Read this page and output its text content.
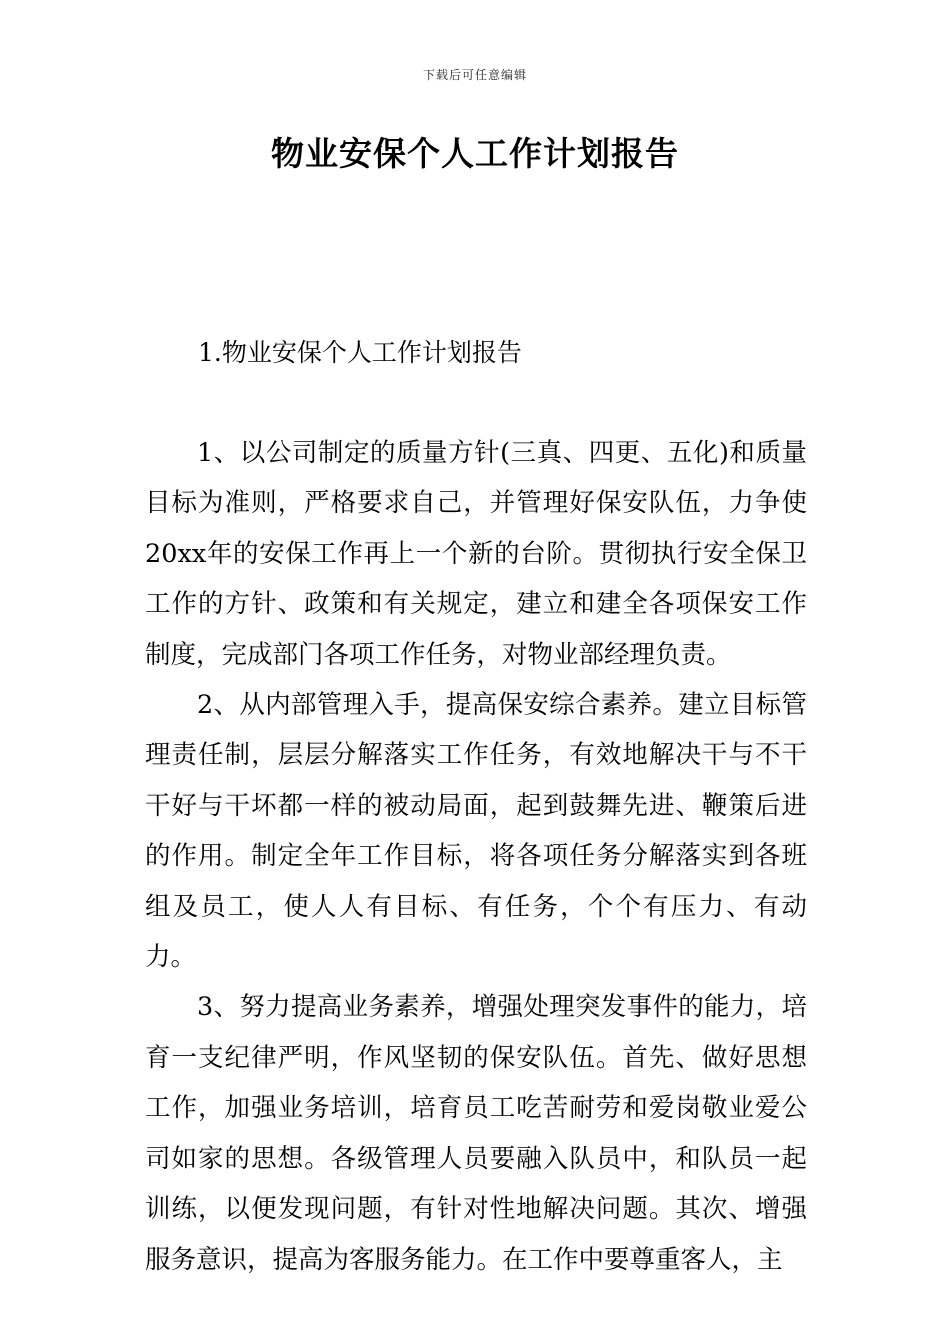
下载后可任意编辑
物业安保个人工作计划报告

1.物业安保个人工作计划报告

1、以公司制定的质量方针(三真、四更、五化)和质量目标为准则，严格要求自己，并管理好保安队伍，力争使20xx年的安保工作再上一个新的台阶。贯彻执行安全保卫工作的方针、政策和有关规定，建立和建全各项保安工作制度，完成部门各项工作任务，对物业部经理负责。

2、从内部管理入手，提高保安综合素养。建立目标管理责任制，层层分解落实工作任务，有效地解决干与不干干好与干坏都一样的被动局面，起到鼓舞先进、鞭策后进的作用。制定全年工作目标，将各项任务分解落实到各班组及员工，使人人有目标、有任务，个个有压力、有动力。

3、努力提高业务素养，增强处理突发事件的能力，培育一支纪律严明，作风坚韧的保安队伍。首先、做好思想工作，加强业务培训，培育员工吃苦耐劳和爱岗敬业爱公司如家的思想。各级管理人员要融入队员中，和队员一起训练，以便发现问题，有针对性地解决问题。其次、增强服务意识，提高为客服务能力。在工作中要尊重客人，主
